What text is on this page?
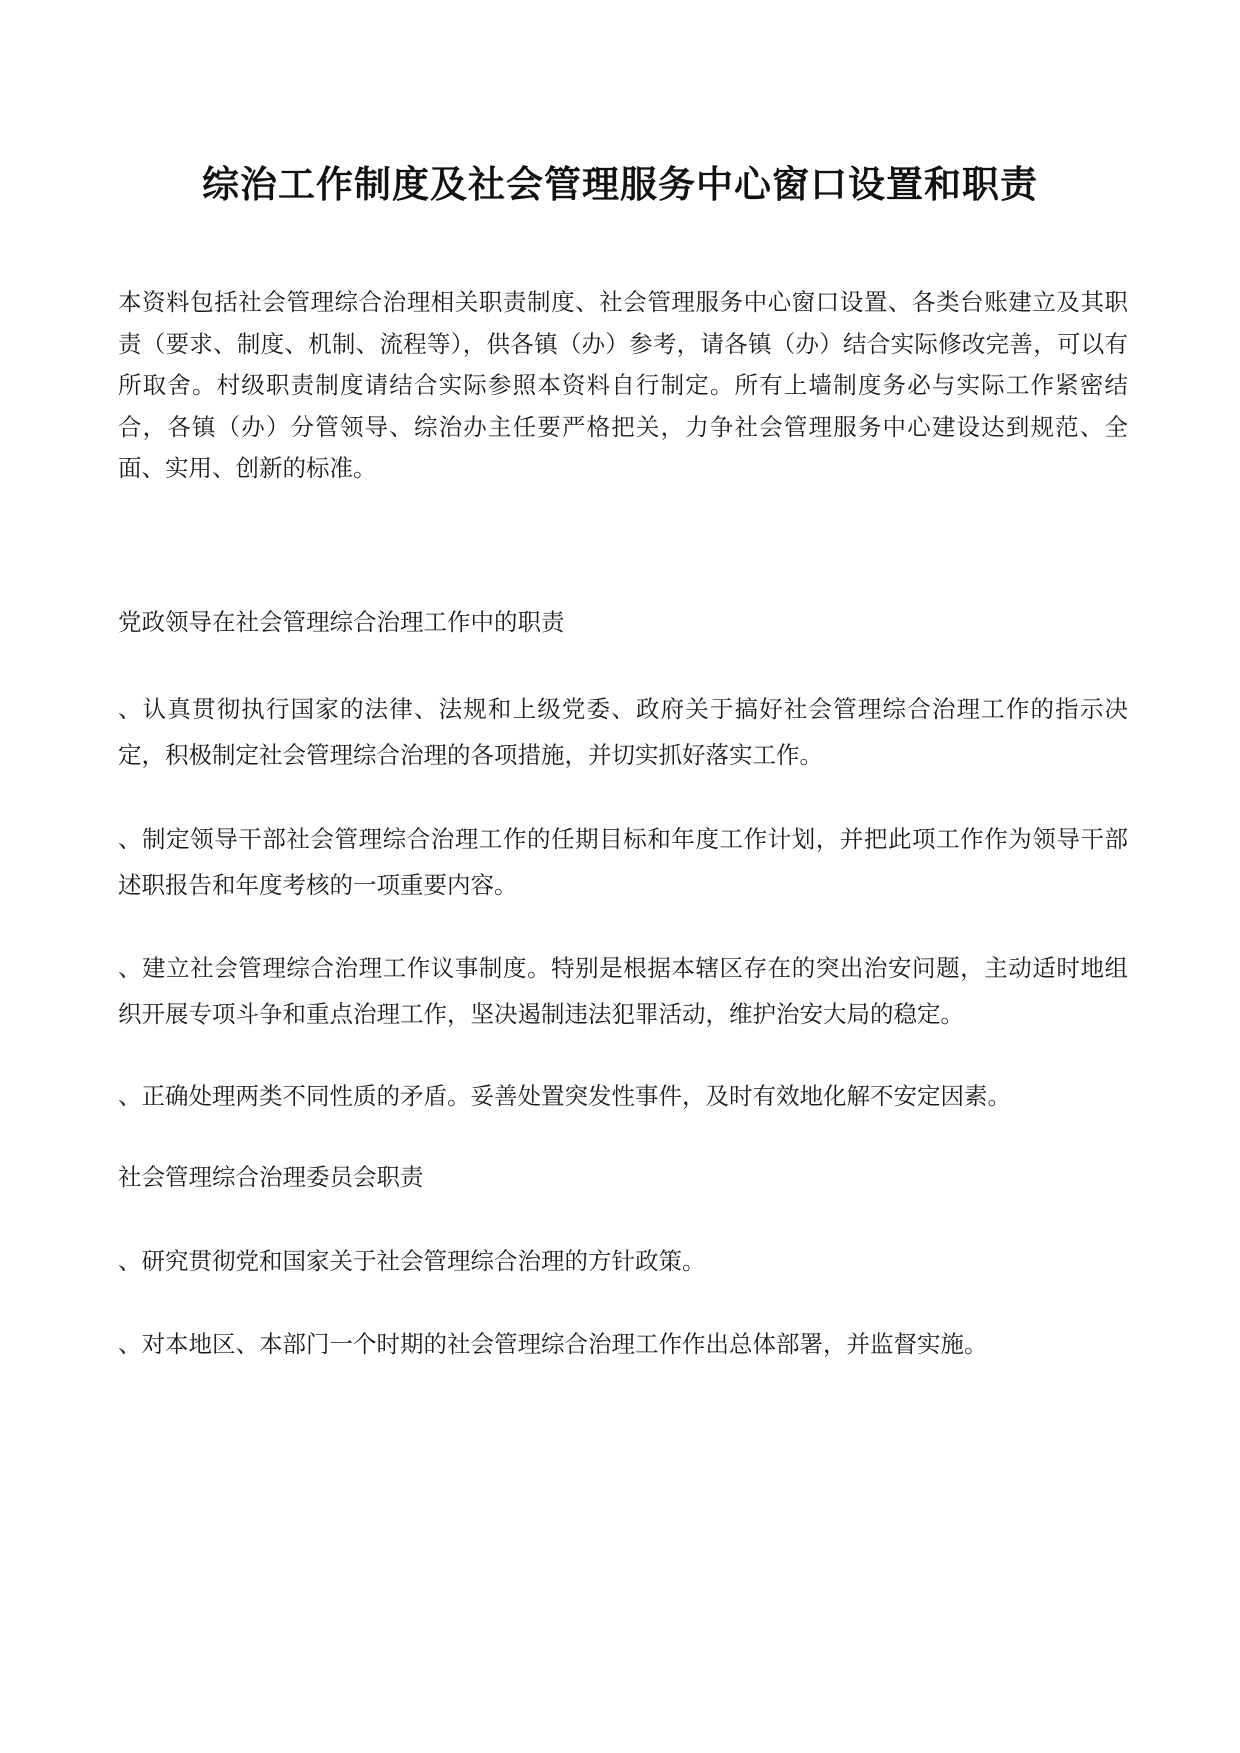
综治工作制度及社会管理服务中心窗口设置和职责

本资料包括社会管理综合治理相关职责制度、社会管理服务中心窗口设置、各类台账建立及其职责（要求、制度、机制、流程等），供各镇（办）参考，请各镇（办）结合实际修改完善，可以有所取舍。村级职责制度请结合实际参照本资料自行制定。所有上墙制度务必与实际工作紧密结合，各镇（办）分管领导、综治办主任要严格把关，力争社会管理服务中心建设达到规范、全面、实用、创新的标准。

党政领导在社会管理综合治理工作中的职责

、认真贯彻执行国家的法律、法规和上级党委、政府关于搞好社会管理综合治理工作的指示决定，积极制定社会管理综合治理的各项措施，并切实抓好落实工作。

、制定领导干部社会管理综合治理工作的任期目标和年度工作计划，并把此项工作作为领导干部述职报告和年度考核的一项重要内容。

、建立社会管理综合治理工作议事制度。特别是根据本辖区存在的突出治安问题，主动适时地组织开展专项斗争和重点治理工作，坚决遏制违法犯罪活动，维护治安大局的稳定。

、正确处理两类不同性质的矛盾。妥善处置突发性事件，及时有效地化解不安定因素。

社会管理综合治理委员会职责

、研究贯彻党和国家关于社会管理综合治理的方针政策。

、对本地区、本部门一个时期的社会管理综合治理工作作出总体部署，并监督实施。
